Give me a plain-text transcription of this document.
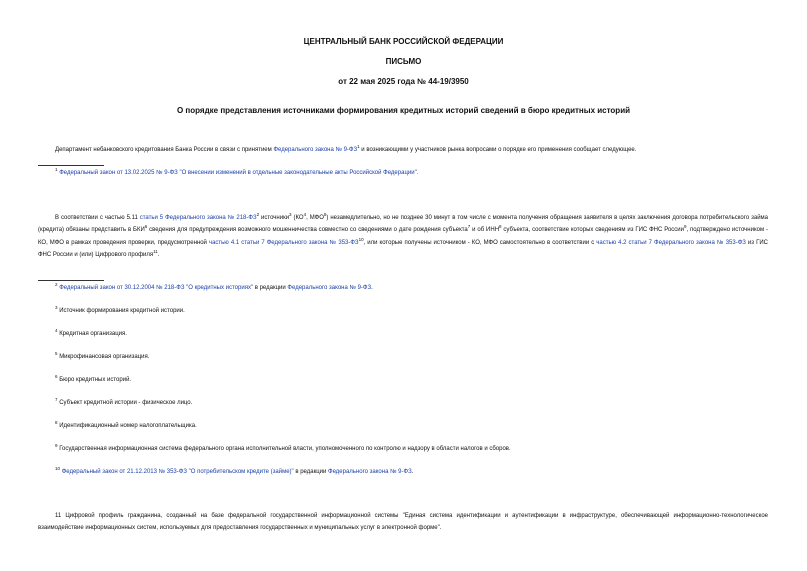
ЦЕНТРАЛЬНЫЙ БАНК РОССИЙСКОЙ ФЕДЕРАЦИИ
ПИСЬМО
от 22 мая 2025 года № 44-19/3950
О порядке представления источниками формирования кредитных историй сведений в бюро кредитных историй
Департамент небанковского кредитования Банка России в связи с принятием Федерального закона № $9-ФЗ^1$ и возникающими у участников рынка вопросами о порядке его применения сообщает следующее.
$^1$ Федеральный закон от 13.02.2025 № 9-ФЗ "О внесении изменений в отдельные законодательные акты Российской Федерации".
В соответствии с частью 5.11 статьи 5 Федерального закона № $218-ФЗ^2$ источники$^3$ ($КО^4$, МФО$^5$) незамедлительно, но не позднее 30 минут в том числе с момента получения обращения заявителя в целях заключения договора потребительского займа (кредита) обязаны представить в БКИ$^6$ сведения для предупреждения возможного мошенничества совместно со сведениями о дате рождения субъекта$^7$ и об ИНН$^8$ субъекта, соответствие которых сведениям из ГИС ФНС России$^9$, подтверждено источником - КО, МФО в рамках проведения проверки, предусмотренной частью 4.1 статьи 7 Федерального закона № 353-ФЗ$^{10}$, или которые получены источником - КО, МФО самостоятельно в соответствии с частью 4.2 статьи 7 Федерального закона № 353-ФЗ из ГИС ФНС России и (или) Цифрового профиля$^{11}$.
$^2$ Федеральный закон от 30.12.2004 № 218-ФЗ "О кредитных историях" в редакции Федерального закона № 9-ФЗ.
$^3$ Источник формирования кредитной истории.
$^4$ Кредитная организация.
$^5$ Микрофинансовая организация.
$^6$ Бюро кредитных историй.
$^7$ Субъект кредитной истории - физическое лицо.
$^8$ Идентификационный номер налогоплательщика.
$^9$ Государственная информационная система федерального органа исполнительной власти, уполномоченного по контролю и надзору в области налогов и сборов.
$^{10}$ Федеральный закон от 21.12.2013 № 353-ФЗ "О потребительском кредите (займе)" в редакции Федерального закона № 9-ФЗ.
11 Цифровой профиль гражданина, созданный на базе федеральной государственной информационной системы "Единая система идентификации и аутентификации в инфраструктуре, обеспечивающей информационно-технологическое взаимодействие информационных систем, используемых для предоставления государственных и муниципальных услуг в электронной форме".
